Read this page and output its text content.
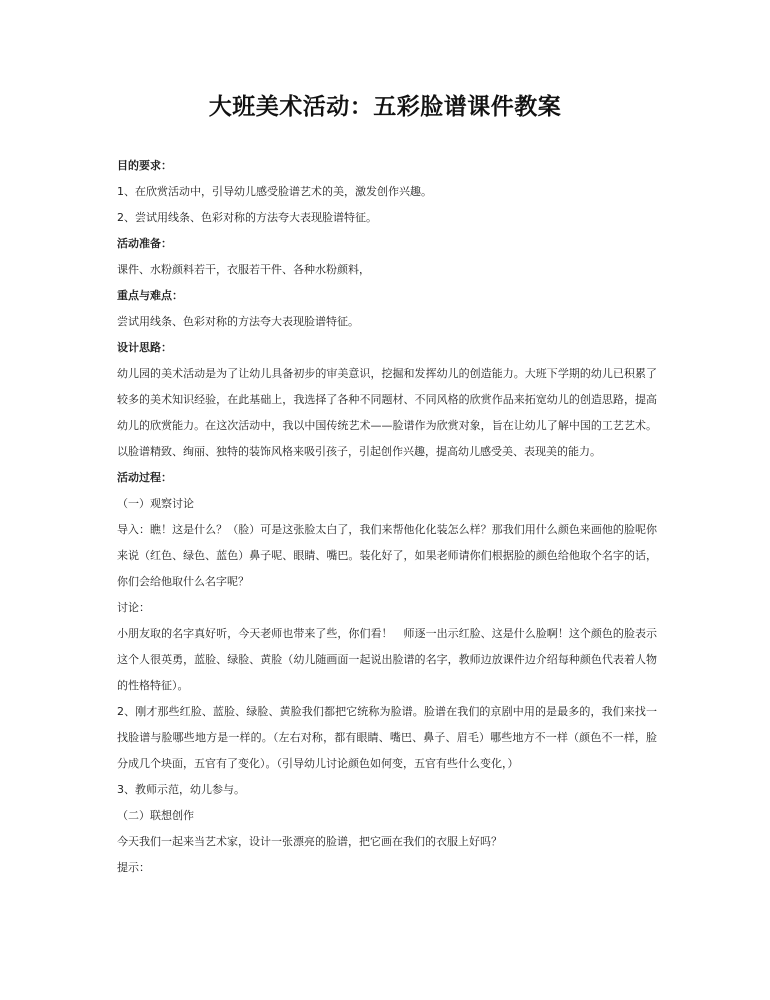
大班美术活动：五彩脸谱课件教案
目的要求：
1、在欣赏活动中，引导幼儿感受脸谱艺术的美，激发创作兴趣。
2、尝试用线条、色彩对称的方法夸大表现脸谱特征。
活动准备：
课件、水粉颜料若干，衣服若干件、各种水粉颜料，
重点与难点：
尝试用线条、色彩对称的方法夸大表现脸谱特征。
设计思路：
幼儿园的美术活动是为了让幼儿具备初步的审美意识，挖掘和发挥幼儿的创造能力。大班下学期的幼儿已积累了较多的美术知识经验，在此基础上，我选择了各种不同题材、不同风格的欣赏作品来拓宽幼儿的创造思路，提高幼儿的欣赏能力。在这次活动中，我以中国传统艺术——脸谱作为欣赏对象，旨在让幼儿了解中国的工艺艺术。以脸谱精致、绚丽、独特的装饰风格来吸引孩子，引起创作兴趣，提高幼儿感受美、表现美的能力。
活动过程：
（一）观察讨论
导入：瞧！这是什么？（脸）可是这张脸太白了，我们来帮他化化装怎么样？那我们用什么颜色来画他的脸呢你来说（红色、绿色、蓝色）鼻子呢、眼睛、嘴巴。装化好了，如果老师请你们根据脸的颜色给他取个名字的话，你们会给他取什么名字呢？
讨论：
小朋友取的名字真好听，今天老师也带来了些，你们看！　师逐一出示红脸、这是什么脸啊！这个颜色的脸表示这个人很英勇，蓝脸、绿脸、黄脸（幼儿随画面一起说出脸谱的名字，教师边放课件边介绍每种颜色代表着人物的性格特征）。
2、刚才那些红脸、蓝脸、绿脸、黄脸我们都把它统称为脸谱。脸谱在我们的京剧中用的是最多的，我们来找一找脸谱与脸哪些地方是一样的。（左右对称，都有眼睛、嘴巴、鼻子、眉毛）哪些地方不一样（颜色不一样，脸分成几个块面，五官有了变化）。（引导幼儿讨论颜色如何变，五官有些什么变化，）
3、教师示范，幼儿参与。
（二）联想创作
今天我们一起来当艺术家，设计一张漂亮的脸谱，把它画在我们的衣服上好吗？
提示：
